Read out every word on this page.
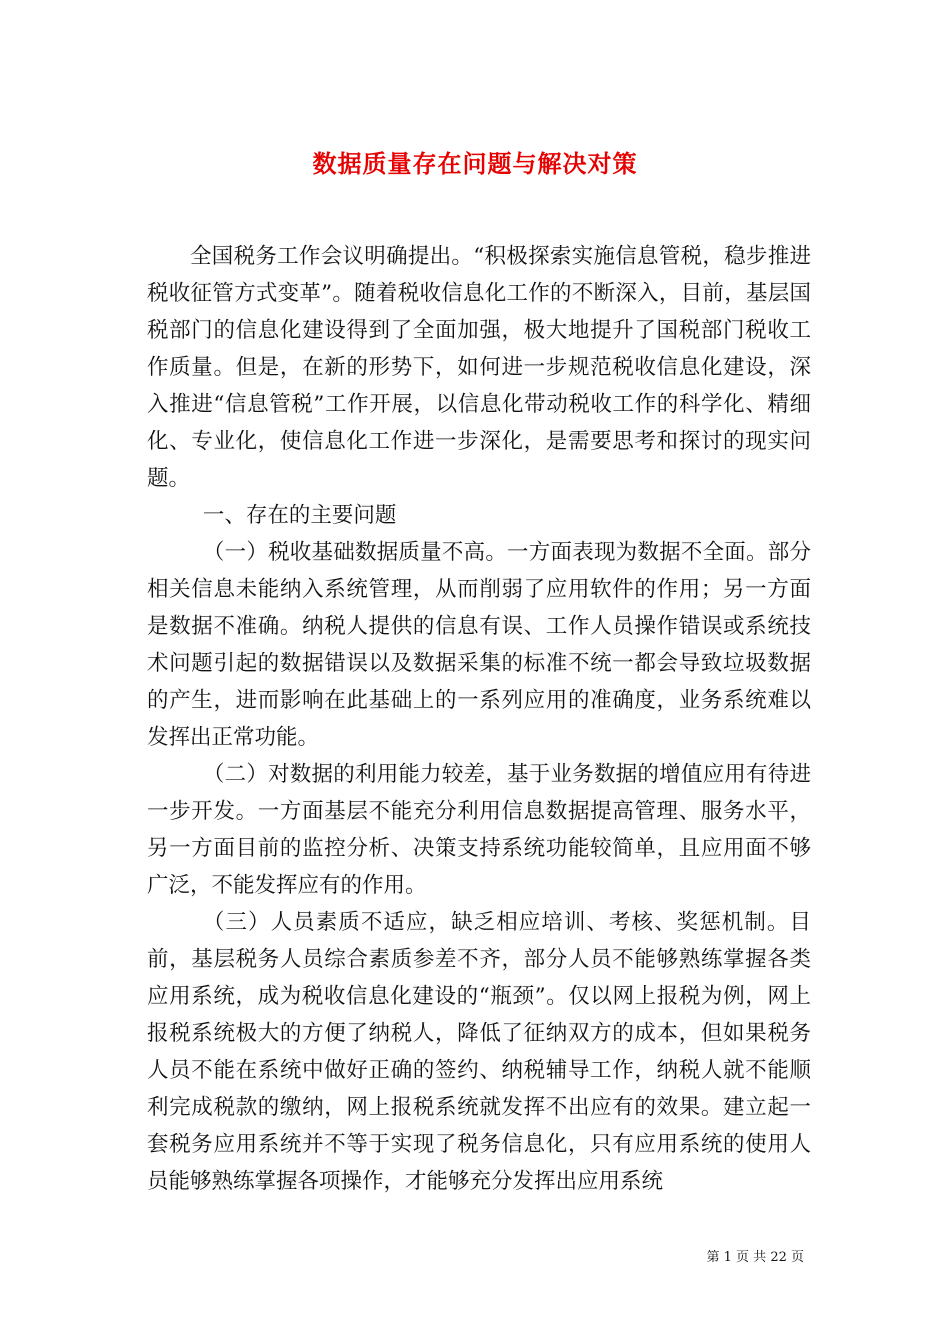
数据质量存在问题与解决对策

全国税务工作会议明确提出。“积极探索实施信息管税，稳步推进税收征管方式变革”。随着税收信息化工作的不断深入，目前，基层国税部门的信息化建设得到了全面加强，极大地提升了国税部门税收工作质量。但是，在新的形势下，如何进一步规范税收信息化建设，深入推进“信息管税”工作开展，以信息化带动税收工作的科学化、精细化、专业化，使信息化工作进一步深化，是需要思考和探讨的现实问题。

一、存在的主要问题

（一）税收基础数据质量不高。一方面表现为数据不全面。部分相关信息未能纳入系统管理，从而削弱了应用软件的作用；另一方面是数据不准确。纳税人提供的信息有误、工作人员操作错误或系统技术问题引起的数据错误以及数据采集的标准不统一都会导致垃圾数据的产生，进而影响在此基础上的一系列应用的准确度，业务系统难以发挥出正常功能。

（二）对数据的利用能力较差，基于业务数据的增值应用有待进一步开发。一方面基层不能充分利用信息数据提高管理、服务水平，另一方面目前的监控分析、决策支持系统功能较简单，且应用面不够广泛，不能发挥应有的作用。

（三）人员素质不适应，缺乏相应培训、考核、奖惩机制。目前，基层税务人员综合素质参差不齐，部分人员不能够熟练掌握各类应用系统，成为税收信息化建设的“瓶颈”。仅以网上报税为例，网上报税系统极大的方便了纳税人，降低了征纳双方的成本，但如果税务人员不能在系统中做好正确的签约、纳税辅导工作，纳税人就不能顺利完成税款的缴纳，网上报税系统就发挥不出应有的效果。建立起一套税务应用系统并不等于实现了税务信息化，只有应用系统的使用人员能够熟练掌握各项操作，才能够充分发挥出应用系统

第 1 页 共 22 页
